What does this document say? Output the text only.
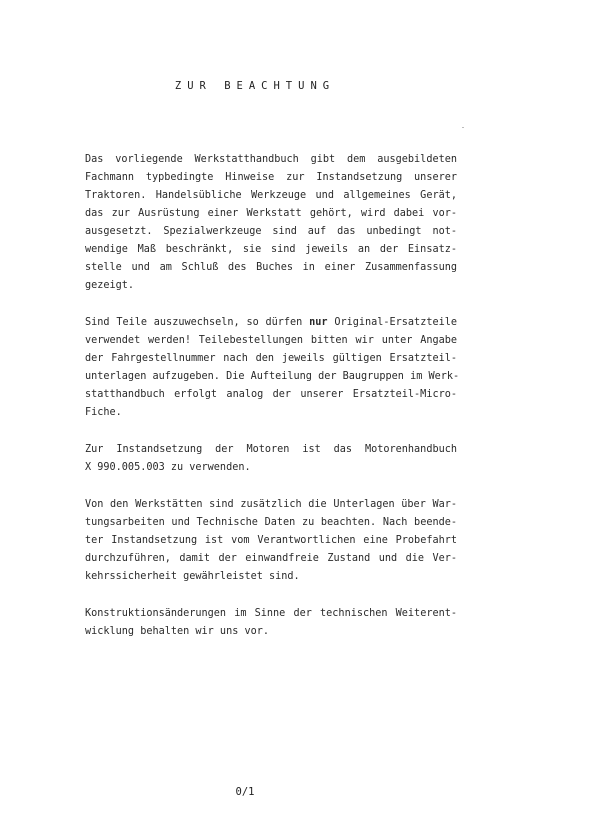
ZUR BEACHTUNG
Das vorliegende Werkstatthandbuch gibt dem ausgebildeten
Fachmann typbedingte Hinweise zur Instandsetzung unserer
Traktoren. Handelsübliche Werkzeuge und allgemeines Gerät,
das zur Ausrüstung einer Werkstatt gehört, wird dabei vor-
ausgesetzt. Spezialwerkzeuge sind auf das unbedingt not-
wendige Maß beschränkt, sie sind jeweils an der Einsatz-
stelle und am Schluß des Buches in einer Zusammenfassung
gezeigt.
Sind Teile auszuwechseln, so dürfen nur Original-Ersatzteile
verwendet werden! Teilebestellungen bitten wir unter Angabe
der Fahrgestellnummer nach den jeweils gültigen Ersatzteil-
unterlagen aufzugeben. Die Aufteilung der Baugruppen im Werk-
statthandbuch erfolgt analog der unserer Ersatzteil-Micro-
Fiche.
Zur Instandsetzung der Motoren ist das Motorenhandbuch
X 990.005.003 zu verwenden.
Von den Werkstätten sind zusätzlich die Unterlagen über War-
tungsarbeiten und Technische Daten zu beachten. Nach beende-
ter Instandsetzung ist vom Verantwortlichen eine Probefahrt
durchzuführen, damit der einwandfreie Zustand und die Ver-
kehrssicherheit gewährleistet sind.
Konstruktionsänderungen im Sinne der technischen Weiterent-
wicklung behalten wir uns vor.
0/1
